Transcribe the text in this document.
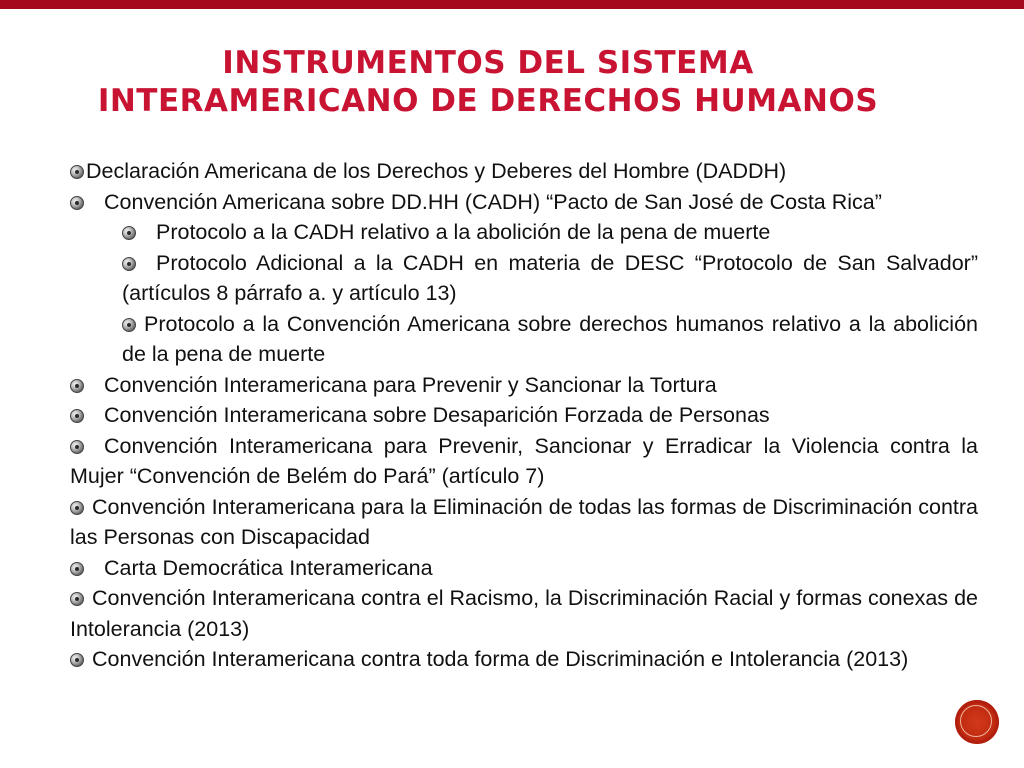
INSTRUMENTOS DEL SISTEMA
INTERAMERICANO DE DERECHOS HUMANOS

Declaración Americana de los Derechos y Deberes del Hombre (DADDH)

Convención Americana sobre DD.HH (CADH) “Pacto de San José de Costa Rica”

Protocolo a la CADH relativo a la abolición de la pena de muerte

Protocolo Adicional a la CADH en materia de DESC “Protocolo de San Salvador” (artículos 8 párrafo a. y artículo 13)

Protocolo a la Convención Americana sobre derechos humanos relativo a la abolición de la pena de muerte

Convención Interamericana para Prevenir y Sancionar la Tortura

Convención Interamericana sobre Desaparición Forzada de Personas

Convención Interamericana para Prevenir, Sancionar y Erradicar la Violencia contra la Mujer “Convención de Belém do Pará” (artículo 7)

Convención Interamericana para la Eliminación de todas las formas de Discriminación contra las Personas con Discapacidad

Carta Democrática Interamericana

Convención Interamericana contra el Racismo, la Discriminación Racial y formas conexas de Intolerancia (2013)

Convención Interamericana contra toda forma de Discriminación e Intolerancia (2013)
